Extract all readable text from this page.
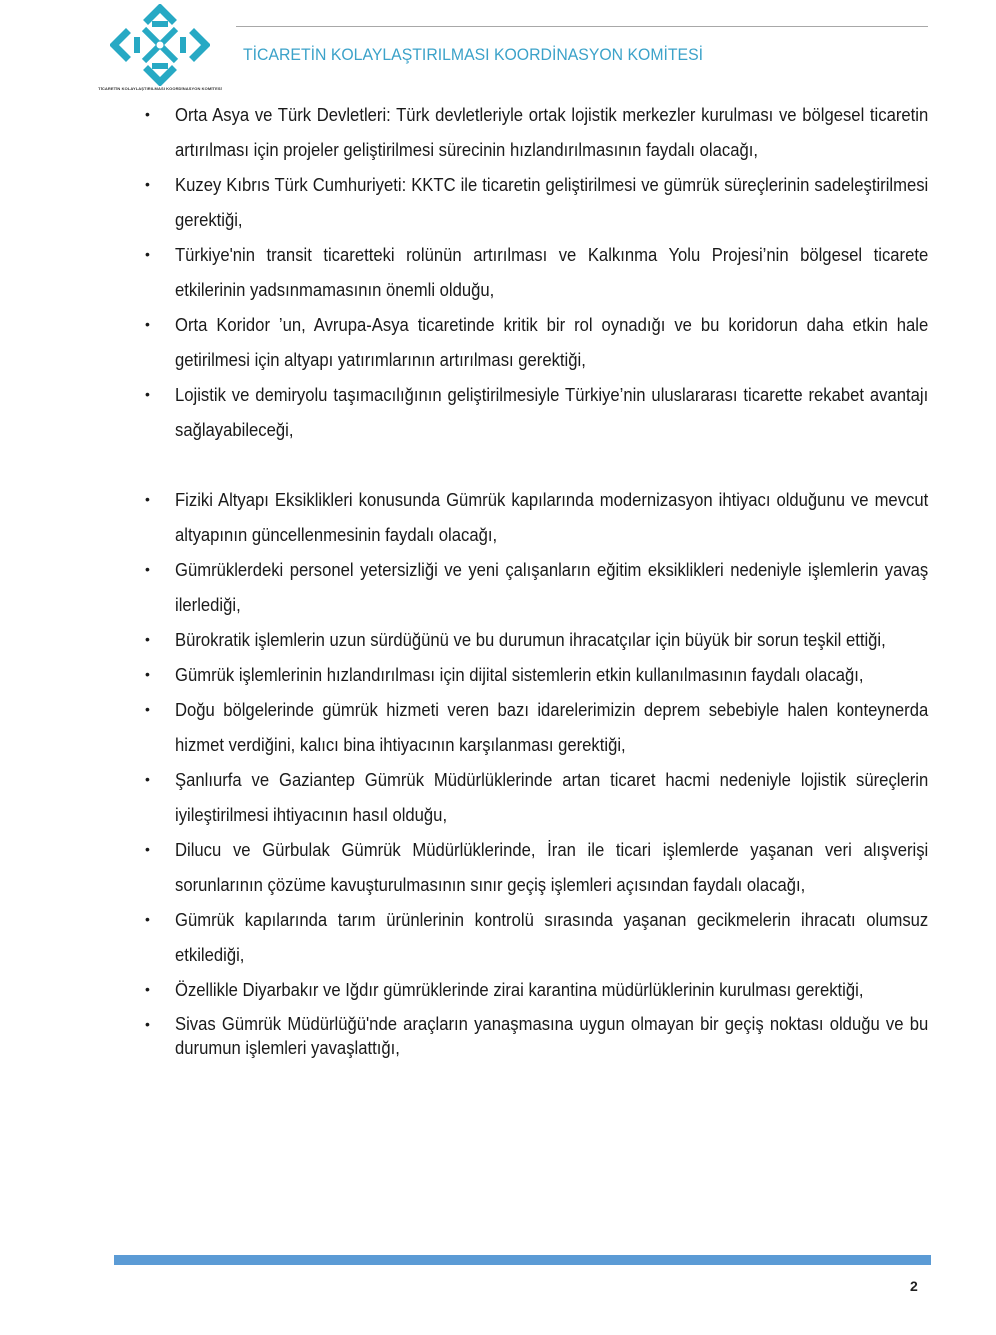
TİCARETİN KOLAYLAŞTIRILMASI KOORDİNASYON KOMİTESİ
TİCARETİN KOLAYLAŞTIRILMASI KOORDİNASYON KOMİTESİ
• Orta Asya ve Türk Devletleri: Türk devletleriyle ortak lojistik merkezler kurulması ve bölgesel ticaretin artırılması için projeler geliştirilmesi sürecinin hızlandırılmasının faydalı olacağı,
• Kuzey Kıbrıs Türk Cumhuriyeti: KKTC ile ticaretin geliştirilmesi ve gümrük süreçlerinin sadeleştirilmesi gerektiği,
• Türkiye'nin transit ticaretteki rolünün artırılması ve Kalkınma Yolu Projesi’nin bölgesel ticarete etkilerinin yadsınmamasının önemli olduğu,
• Orta Koridor ’un, Avrupa-Asya ticaretinde kritik bir rol oynadığı ve bu koridorun daha etkin hale getirilmesi için altyapı yatırımlarının artırılması gerektiği,
• Lojistik ve demiryolu taşımacılığının geliştirilmesiyle Türkiye’nin uluslararası ticarette rekabet avantajı sağlayabileceği,
• Fiziki Altyapı Eksiklikleri konusunda Gümrük kapılarında modernizasyon ihtiyacı olduğunu ve mevcut altyapının güncellenmesinin faydalı olacağı,
• Gümrüklerdeki personel yetersizliği ve yeni çalışanların eğitim eksiklikleri nedeniyle işlemlerin yavaş ilerlediği,
• Bürokratik işlemlerin uzun sürdüğünü ve bu durumun ihracatçılar için büyük bir sorun teşkil ettiği,
• Gümrük işlemlerinin hızlandırılması için dijital sistemlerin etkin kullanılmasının faydalı olacağı,
• Doğu bölgelerinde gümrük hizmeti veren bazı idarelerimizin deprem sebebiyle halen konteynerda hizmet verdiğini, kalıcı bina ihtiyacının karşılanması gerektiği,
• Şanlıurfa ve Gaziantep Gümrük Müdürlüklerinde artan ticaret hacmi nedeniyle lojistik süreçlerin iyileştirilmesi ihtiyacının hasıl olduğu,
• Dilucu ve Gürbulak Gümrük Müdürlüklerinde, İran ile ticari işlemlerde yaşanan veri alışverişi sorunlarının çözüme kavuşturulmasının sınır geçiş işlemleri açısından faydalı olacağı,
• Gümrük kapılarında tarım ürünlerinin kontrolü sırasında yaşanan gecikmelerin ihracatı olumsuz etkilediği,
• Özellikle Diyarbakır ve Iğdır gümrüklerinde zirai karantina müdürlüklerinin kurulması gerektiği,
• Sivas Gümrük Müdürlüğü'nde araçların yanaşmasına uygun olmayan bir geçiş noktası olduğu ve bu durumun işlemleri yavaşlattığı,
2
